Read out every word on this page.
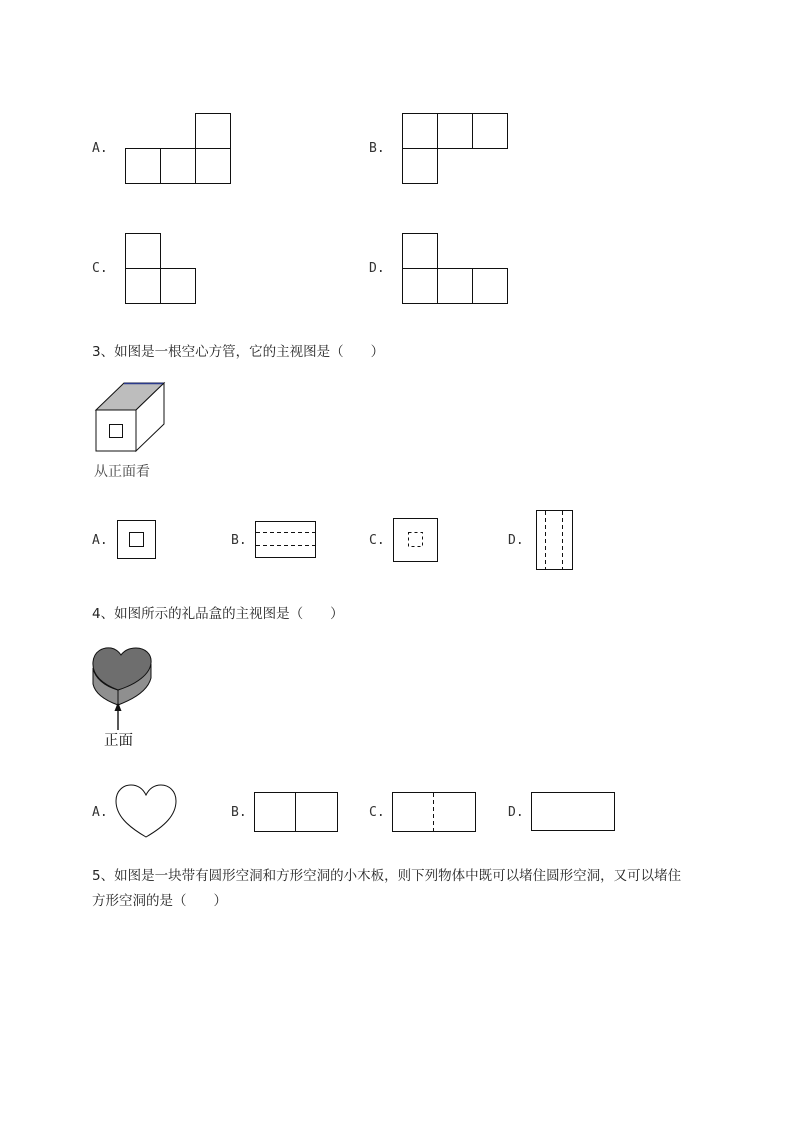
A.	B.
C.	D.
3、如图是一根空心方管，它的主视图是（　　）
从正面看
A.	B.	C.	D.
4、如图所示的礼品盒的主视图是（　　）
正面
A.	B.	C.	D.
5、如图是一块带有圆形空洞和方形空洞的小木板，则下列物体中既可以堵住圆形空洞，又可以堵住
方形空洞的是（　　）
